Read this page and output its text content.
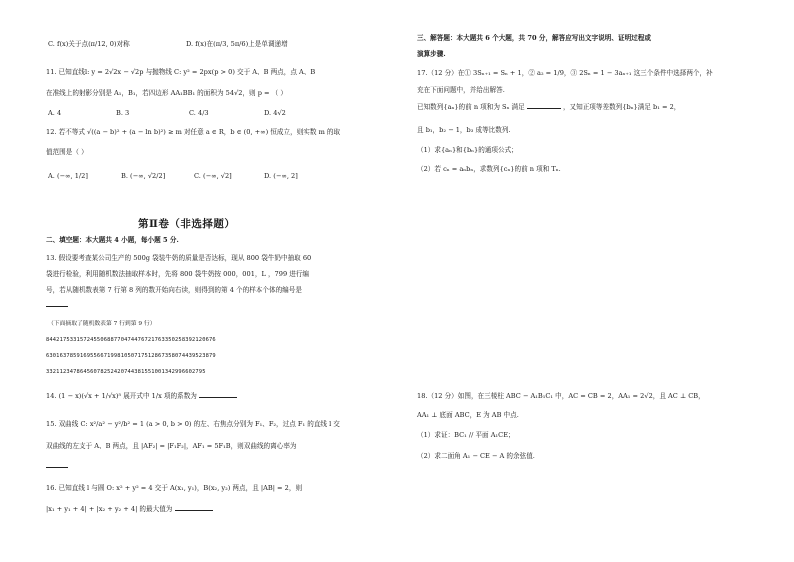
C. f(x)关于点(π/12, 0)对称	D. f(x)在(π/3, 5π/6)上是单调递增
11. 已知直线l: y = 2√2x − √2p 与抛物线 C: y² = 2px(p > 0) 交于 A、B 两点，点 A、B
在准线上的射影分别是 A₁，B₁，若四边形 AA₁BB₁ 的面积为 54√2，则 p = （ ）
A. 4	B. 3	C. 4/3	D. 4√2
12. 若不等式 √((a − b)² + (a − ln b)²) ≥ m 对任意 a ∈ R，b ∈ (0, +∞) 恒成立，则实数 m 的取
值范围是（ ）
A. (−∞, 1/2]	B. (−∞, √2/2]	C. (−∞, √2]	D. (−∞, 2]
第Ⅱ卷（非选择题）
二、填空题：本大题共 4 小题，每小题 5 分.
13. 假设要考查某公司生产的 500g 袋装牛奶的质量是否达标，现从 800 袋牛奶中抽取 60
袋进行检验，利用随机数法抽取样本时，先将 800 袋牛奶按 000，001，L ，799 进行编
号，若从随机数表第 7 行第 8 列的数开始向右读，则得到的第 4 个的样本个体的编号是
（下面摘取了随机数表第 7 行到第 9 行）
84421753315724550688770474476721763350258392120676
63016378591695566719981050717512867358074439523879
33211234786456078252420744381551001342996602795
14. (1 − x)(√x + 1/√x)⁵ 展开式中 1/x 项的系数为
15. 双曲线 C: x²/a² − y²/b² = 1 (a > 0, b > 0) 的左、右焦点分别为 F₁、F₂，过点 F₁ 的直线 l 交
双曲线的左支于 A、B 两点，且 |AF₂| = |F₁F₂|，AF₁ = 5F₁B，则双曲线的离心率为
16. 已知直线 l 与圆 O: x² + y² = 4 交于 A(x₁, y₁)，B(x₂, y₂) 两点，且 |AB| = 2，则
|x₁ + y₁ + 4| + |x₂ + y₂ + 4| 的最大值为
三、解答题：本大题共 6 个大题，共 70 分，解答应写出文字说明、证明过程或
演算步骤.
17.（12 分）在① 3Sₙ₊₁ = Sₙ + 1，② a₂ = 1/9，③ 2Sₙ = 1 − 3aₙ₊₁ 这三个条件中选择两个，补
充在下面问题中，并给出解答.
已知数列{aₙ}的前 n 项和为 Sₙ 满足	，又知正项等差数列{bₙ}满足 b₁ = 2，
且 b₁，b₂ − 1，b₃ 成等比数列.
（1）求{aₙ}和{bₙ}的通项公式；
（2）若 cₙ = aₙbₙ，求数列{cₙ}的前 n 项和 Tₙ.
18.（12 分）如图，在三棱柱 ABC − A₁B₁C₁ 中，AC = CB = 2，AA₁ = 2√2，且 AC ⊥ CB，
AA₁ ⊥ 底面 ABC，E 为 AB 中点.
（1）求证：BC₁ // 平面 A₁CE；
（2）求二面角 A₁ − CE − A 的余弦值.
